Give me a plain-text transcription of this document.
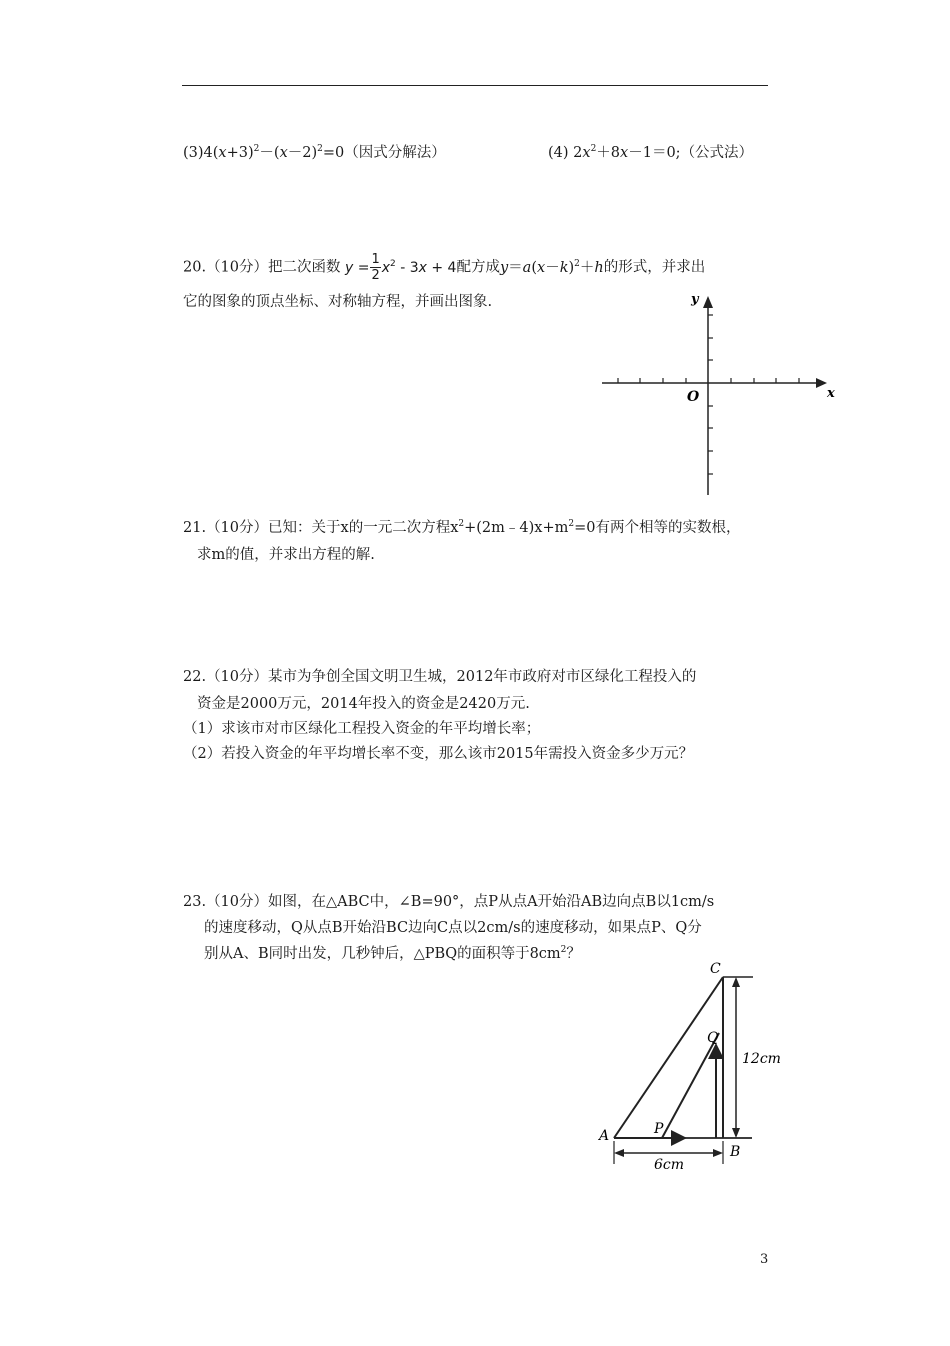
$(3)4(x+3)^2-(x-2)^2=0$（因式分解法）	(4) $2x^2+8x-1=0$;（公式法）
20.（10分）把二次函数 $y = \frac{1}{2} x^2$ ‑ 3x + 4配方成$y=a(x-k)^2+h$的形式，并求出
它的图象的顶点坐标、对称轴方程，并画出图象.	y
x
O
21.（10分）已知：关于x的一元二次方程$x^2+(2m﹣4)x+m^2=0$有两个相等的实数根，
求m的值，并求出方程的解.
22.（10分）某市为争创全国文明卫生城，2012年市政府对市区绿化工程投入的
资金是2000万元，2014年投入的资金是2420万元.
（1）求该市对市区绿化工程投入资金的年平均增长率；
（2）若投入资金的年平均增长率不变，那么该市2015年需投入资金多少万元？
23.（10分）如图，在△ABC中，∠B=90°，点P从点A开始沿AB边向点B以1cm/s
的速度移动，Q从点B开始沿BC边向C点以2cm/s的速度移动，如果点P、Q分
别从A、B同时出发，几秒钟后，△PBQ的面积等于$8cm^2$？
C
Q
A	P
B
12cm
6cm
3
